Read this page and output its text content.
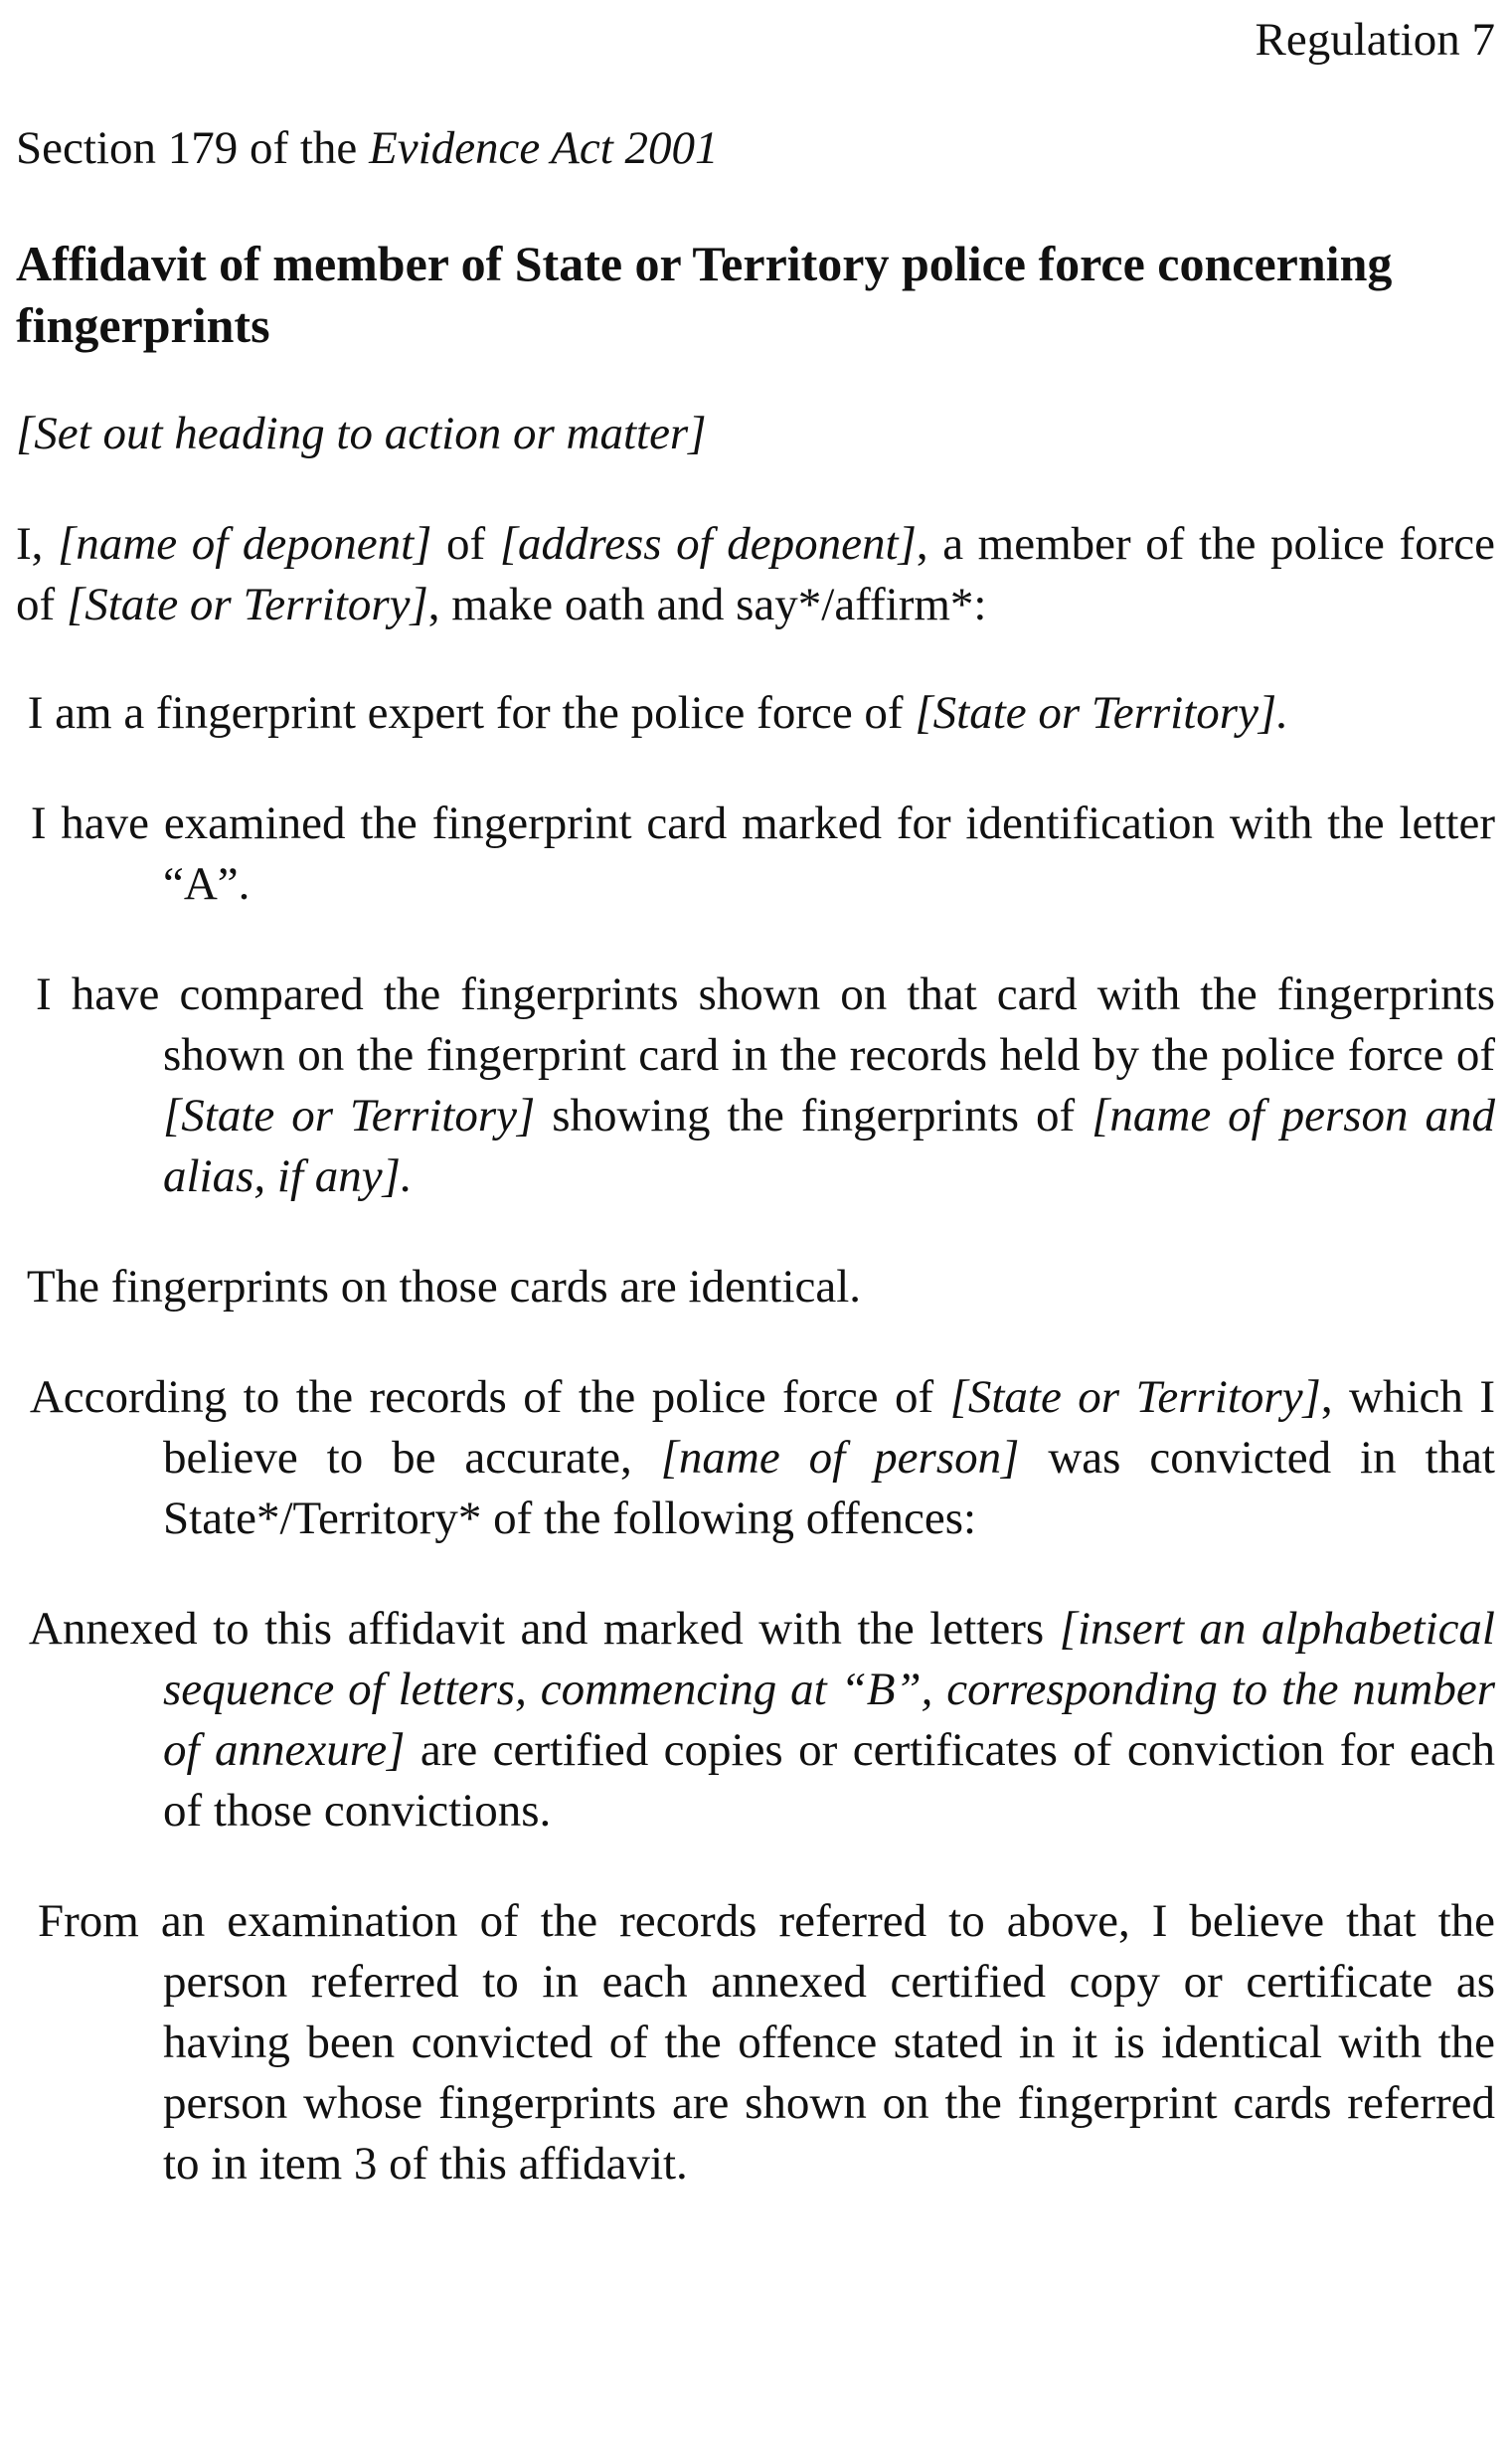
Regulation 7
Section 179 of the Evidence Act 2001
Affidavit of member of State or Territory police force concerning fingerprints
[Set out heading to action or matter]
I, [name of deponent] of [address of deponent], a member of the police force of [State or Territory], make oath and say*/affirm*:
I am a fingerprint expert for the police force of [State or Territory].
I have examined the fingerprint card marked for identification with the letter “A”.
I have compared the fingerprints shown on that card with the fingerprints shown on the fingerprint card in the records held by the police force of [State or Territory] showing the fingerprints of [name of person and alias, if any].
The fingerprints on those cards are identical.
According to the records of the police force of [State or Territory], which I believe to be accurate, [name of person] was convicted in that State*/Territory* of the following offences:
Annexed to this affidavit and marked with the letters [insert an alphabetical sequence of letters, commencing at “B”, corresponding to the number of annexure] are certified copies or certificates of conviction for each of those convictions.
From an examination of the records referred to above, I believe that the person referred to in each annexed certified copy or certificate as having been convicted of the offence stated in it is identical with the person whose fingerprints are shown on the fingerprint cards referred to in item 3 of this affidavit.
